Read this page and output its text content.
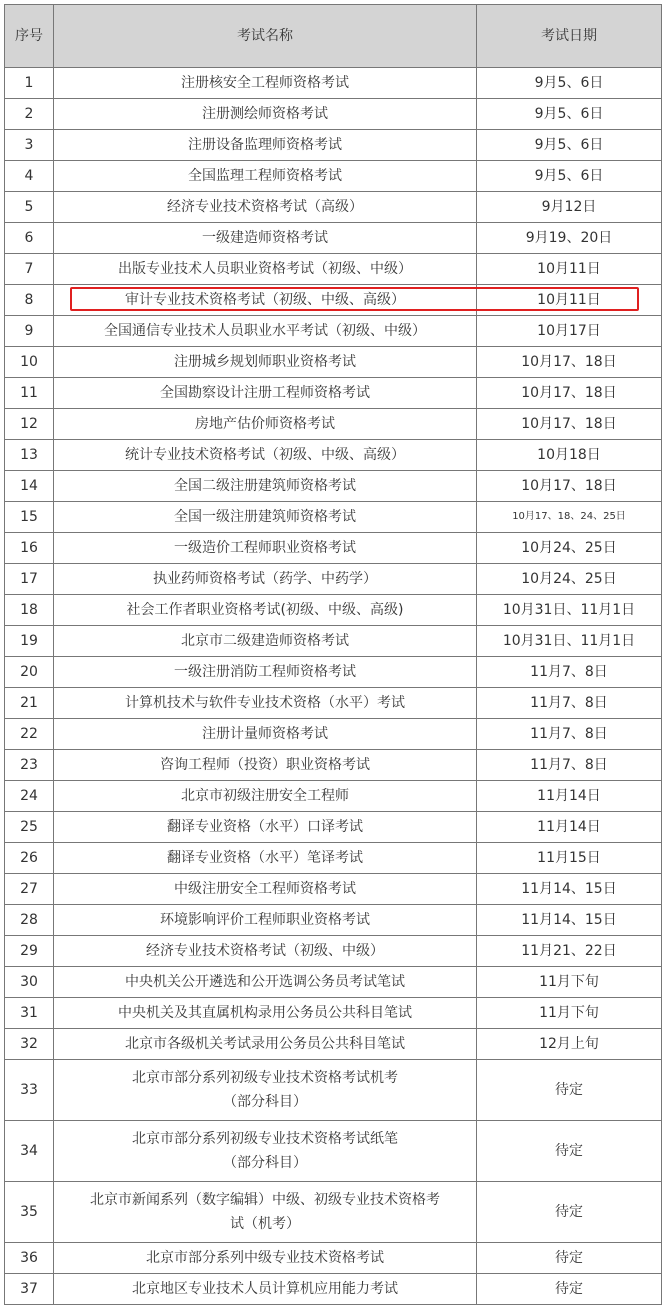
序号	考试名称	考试日期
1	注册核安全工程师资格考试	9月5、6日
2	注册测绘师资格考试	9月5、6日
3	注册设备监理师资格考试	9月5、6日
4	全国监理工程师资格考试	9月5、6日
5	经济专业技术资格考试（高级）	9月12日
6	一级建造师资格考试	9月19、20日
7	出版专业技术人员职业资格考试（初级、中级）	10月11日
8	审计专业技术资格考试（初级、中级、高级）	10月11日
9	全国通信专业技术人员职业水平考试（初级、中级）	10月17日
10	注册城乡规划师职业资格考试	10月17、18日
11	全国勘察设计注册工程师资格考试	10月17、18日
12	房地产估价师资格考试	10月17、18日
13	统计专业技术资格考试（初级、中级、高级）	10月18日
14	全国二级注册建筑师资格考试	10月17、18日
15	全国一级注册建筑师资格考试	10月17、18、24、25日
16	一级造价工程师职业资格考试	10月24、25日
17	执业药师资格考试（药学、中药学）	10月24、25日
18	社会工作者职业资格考试(初级、中级、高级)	10月31日、11月1日
19	北京市二级建造师资格考试	10月31日、11月1日
20	一级注册消防工程师资格考试	11月7、8日
21	计算机技术与软件专业技术资格（水平）考试	11月7、8日
22	注册计量师资格考试	11月7、8日
23	咨询工程师（投资）职业资格考试	11月7、8日
24	北京市初级注册安全工程师	11月14日
25	翻译专业资格（水平）口译考试	11月14日
26	翻译专业资格（水平）笔译考试	11月15日
27	中级注册安全工程师资格考试	11月14、15日
28	环境影响评价工程师职业资格考试	11月14、15日
29	经济专业技术资格考试（初级、中级）	11月21、22日
30	中央机关公开遴选和公开选调公务员考试笔试	11月下旬
31	中央机关及其直属机构录用公务员公共科目笔试	11月下旬
32	北京市各级机关考试录用公务员公共科目笔试	12月上旬
33	北京市部分系列初级专业技术资格考试机考
（部分科目）	待定
34	北京市部分系列初级专业技术资格考试纸笔
（部分科目）	待定
35	北京市新闻系列（数字编辑）中级、初级专业技术资格考
试（机考）	待定
36	北京市部分系列中级专业技术资格考试	待定
37	北京地区专业技术人员计算机应用能力考试	待定
